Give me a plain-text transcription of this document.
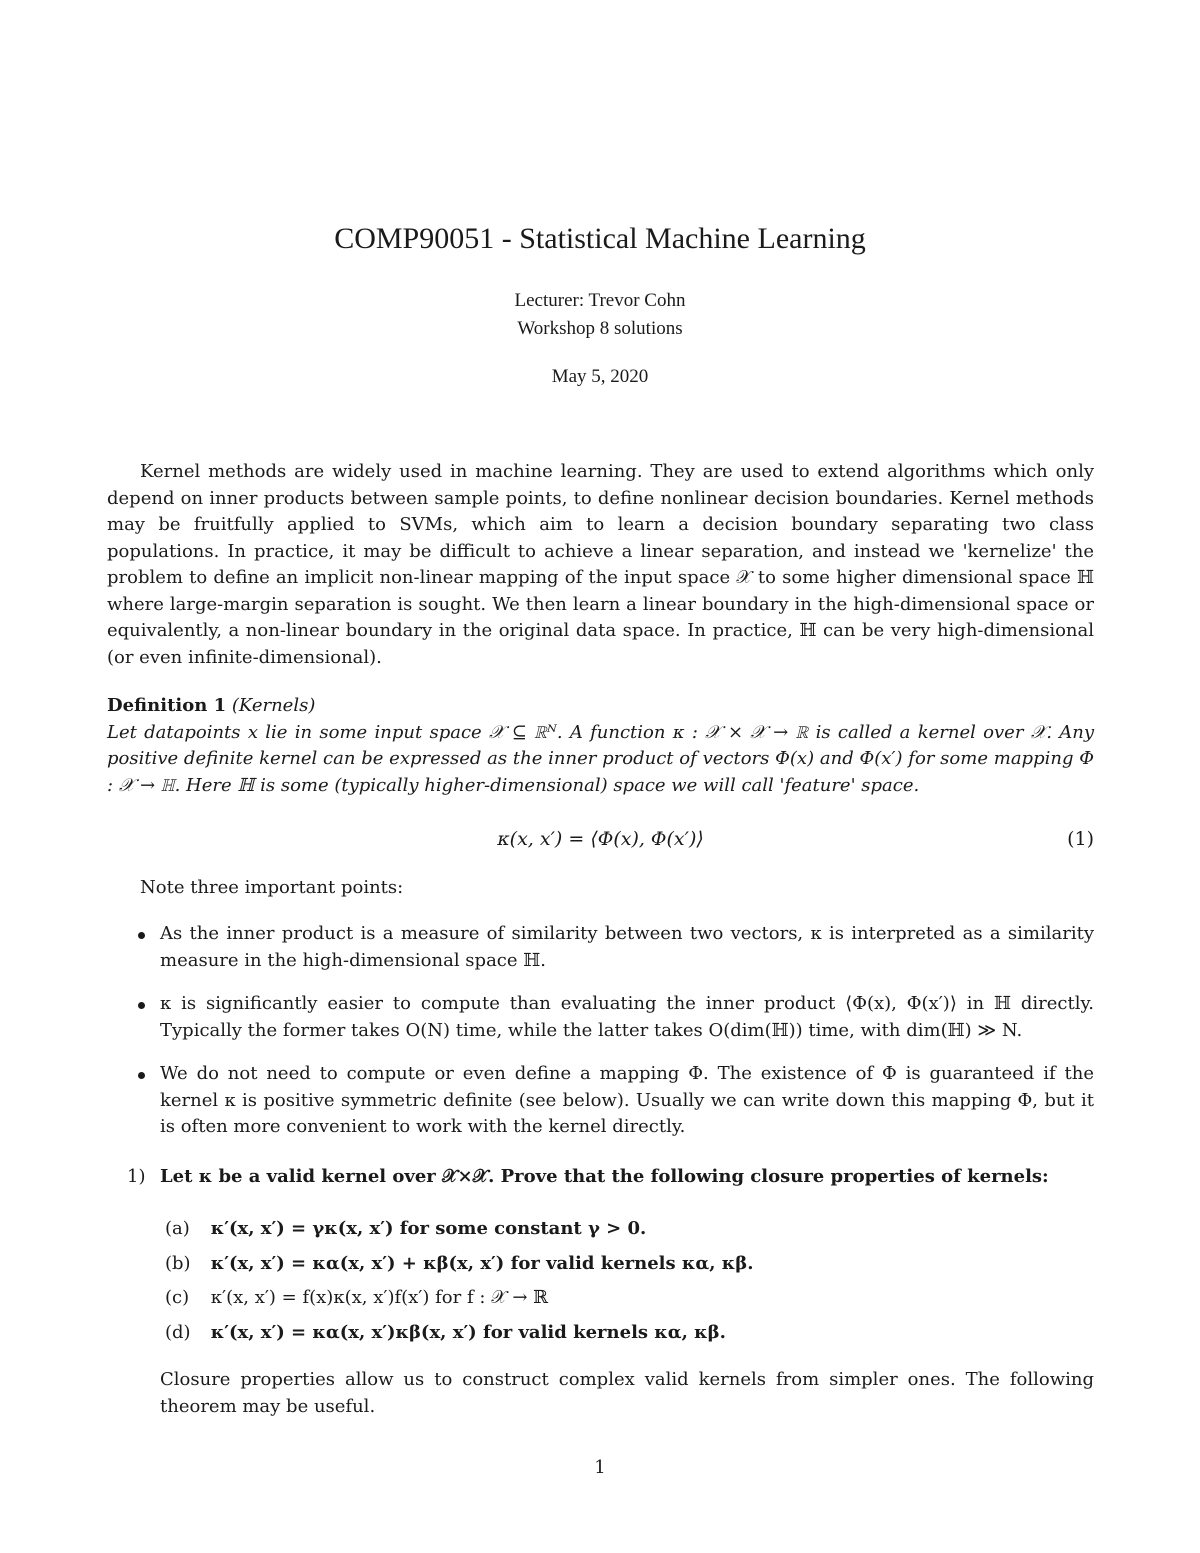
COMP90051 - Statistical Machine Learning
Lecturer: Trevor Cohn
Workshop 8 solutions
May 5, 2020

Kernel methods are widely used in machine learning. They are used to extend algorithms which only depend on inner products between sample points, to define nonlinear decision boundaries. Kernel methods may be fruitfully applied to SVMs, which aim to learn a decision boundary separating two class populations. In practice, it may be difficult to achieve a linear separation, and instead we 'kernelize' the problem to define an implicit non-linear mapping of the input space 𝒳 to some higher dimensional space ℍ where large-margin separation is sought. We then learn a linear boundary in the high-dimensional space or equivalently, a non-linear boundary in the original data space. In practice, ℍ can be very high-dimensional (or even infinite-dimensional).

Definition 1 (Kernels)
Let datapoints x lie in some input space 𝒳 ⊆ ℝᴺ. A function κ : 𝒳 × 𝒳 → ℝ is called a kernel over 𝒳. Any positive definite kernel can be expressed as the inner product of vectors Φ(x) and Φ(x′) for some mapping Φ : 𝒳 → ℍ. Here ℍ is some (typically higher-dimensional) space we will call 'feature' space.
κ(x, x′) = ⟨Φ(x), Φ(x′)⟩	(1)
Note three important points:
As the inner product is a measure of similarity between two vectors, κ is interpreted as a similarity measure in the high-dimensional space ℍ.
κ is significantly easier to compute than evaluating the inner product ⟨Φ(x), Φ(x′)⟩ in ℍ directly. Typically the former takes O(N) time, while the latter takes O(dim(ℍ)) time, with dim(ℍ) ≫ N.
We do not need to compute or even define a mapping Φ. The existence of Φ is guaranteed if the kernel κ is positive symmetric definite (see below). Usually we can write down this mapping Φ, but it is often more convenient to work with the kernel directly.
1) Let κ be a valid kernel over 𝒳×𝒳. Prove that the following closure properties of kernels:
(a) κ′(x, x′) = γκ(x, x′) for some constant γ > 0.
(b) κ′(x, x′) = κα(x, x′) + κβ(x, x′) for valid kernels κα, κβ.
(c) κ′(x, x′) = f(x)κ(x, x′)f(x′) for f : 𝒳 → ℝ
(d) κ′(x, x′) = κα(x, x′)κβ(x, x′) for valid kernels κα, κβ.

Closure properties allow us to construct complex valid kernels from simpler ones. The following theorem may be useful.

1
